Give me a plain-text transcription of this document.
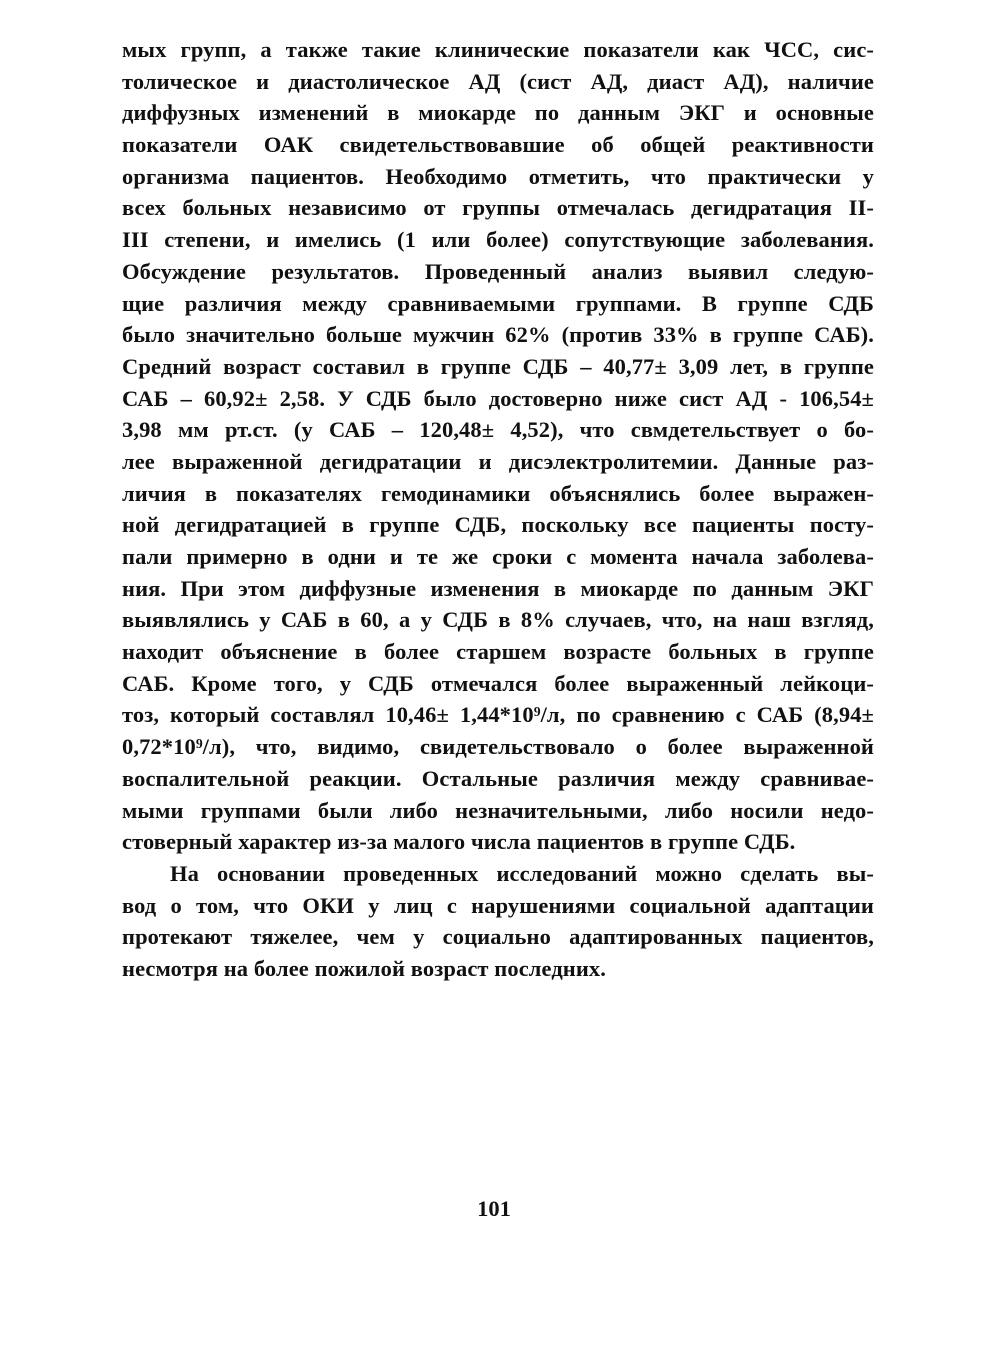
мых групп, а также такие клинические показатели как ЧСС, сис-
толическое и диастолическое АД (сист АД, диаст АД), наличие
диффузных изменений в миокарде по данным ЭКГ и основные
показатели ОАК свидетельствовавшие об общей реактивности
организма пациентов. Необходимо отметить, что практически у
всех больных независимо от группы отмечалась дегидратация II-
III степени, и имелись (1 или более) сопутствующие заболевания.
Обсуждение результатов. Проведенный анализ выявил следую-
щие различия между сравниваемыми группами. В группе СДБ
было значительно больше мужчин 62% (против 33% в группе САБ).
Средний возраст составил в группе СДБ – 40,77± 3,09 лет, в группе
САБ – 60,92± 2,58. У СДБ было достоверно ниже сист АД - 106,54±
3,98 мм рт.ст. (у САБ – 120,48± 4,52), что свмдетельствует о бо-
лее выраженной дегидратации и дисэлектролитемии. Данные раз-
личия в показателях гемодинамики объяснялись более выражен-
ной дегидратацией в группе СДБ, поскольку все пациенты посту-
пали примерно в одни и те же сроки с момента начала заболева-
ния. При этом диффузные изменения в миокарде по данным ЭКГ
выявлялись у САБ в 60, а у СДБ в 8% случаев, что, на наш взгляд,
находит объяснение в более старшем возрасте больных в группе
САБ. Кроме того, у СДБ отмечался более выраженный лейкоци-
тоз, который составлял 10,46± 1,44*10⁹/л, по сравнению с САБ (8,94±
0,72*10⁹/л), что, видимо, свидетельствовало о более выраженной
воспалительной реакции. Остальные различия между сравнивае-
мыми группами были либо незначительными, либо носили недо-
стоверный характер из-за малого числа пациентов в группе СДБ.
На основании проведенных исследований можно сделать вы-
вод о том, что ОКИ у лиц с нарушениями социальной адаптации
протекают тяжелее, чем у социально адаптированных пациентов,
несмотря на более пожилой возраст последних.
101
